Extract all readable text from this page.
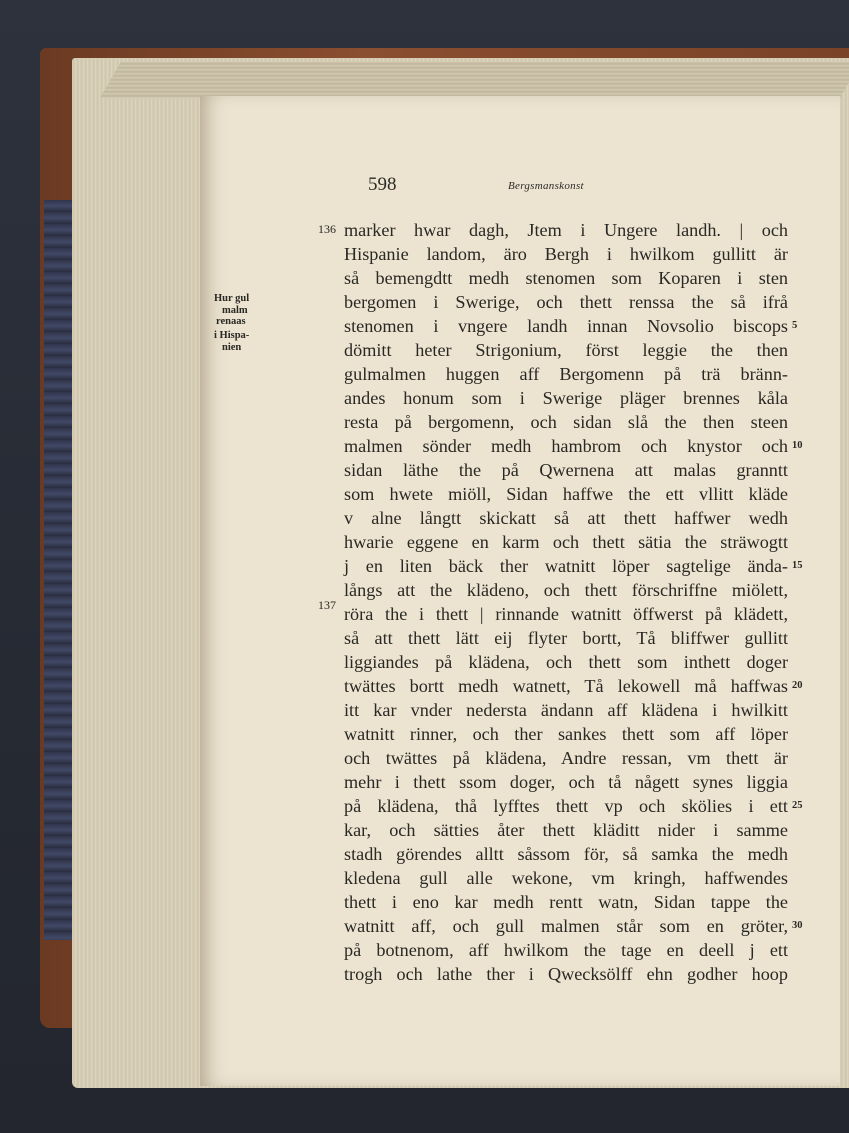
598	Bergsmanskonst
136
137
Hur gul
malm
renaas
i Hispa-
nien
marker hwar dagh, Jtem i Ungere landh. | och
Hispanie landom, äro Bergh i hwilkom gullitt är
så bemengdtt medh stenomen som Koparen i sten
bergomen i Swerige, och thett renssa the så ifrå
stenomen i vngere landh innan Novsolio biscops
dömitt heter Strigonium, först leggie the then
gulmalmen huggen aff Bergomenn på trä bränn-
andes honum som i Swerige pläger brennes kåla
resta på bergomenn, och sidan slå the then steen
malmen sönder medh hambrom och knystor och
sidan läthe the på Qwernena att malas granntt
som hwete miöll, Sidan haffwe the ett vllitt kläde
v alne långtt skickatt så att thett haffwer wedh
hwarie eggene en karm och thett sätia the sträwogtt
j en liten bäck ther watnitt löper sagtelige ända-
långs att the klädeno, och thett förschriffne miölett,
röra the i thett | rinnande watnitt öffwerst på klädett,
så att thett lätt eij flyter bortt, Tå bliffwer gullitt
liggiandes på klädena, och thett som inthett doger
twättes bortt medh watnett, Tå lekowell må haffwas
itt kar vnder nedersta ändann aff klädena i hwilkitt
watnitt rinner, och ther sankes thett som aff löper
och twättes på klädena, Andre ressan, vm thett är
mehr i thett ssom doger, och tå någett synes liggia
på klädena, thå lyfftes thett vp och skölies i ett
kar, och sätties åter thett kläditt nider i samme
stadh görendes alltt såssom för, så samka the medh
kledena gull alle wekone, vm kringh, haffwendes
thett i eno kar medh rentt watn, Sidan tappe the
watnitt aff, och gull malmen står som en gröter,
på botnenom, aff hwilkom the tage en deell j ett
trogh och lathe ther i Qwecksölff ehn godher hoop
5
10
15
20
25
30
